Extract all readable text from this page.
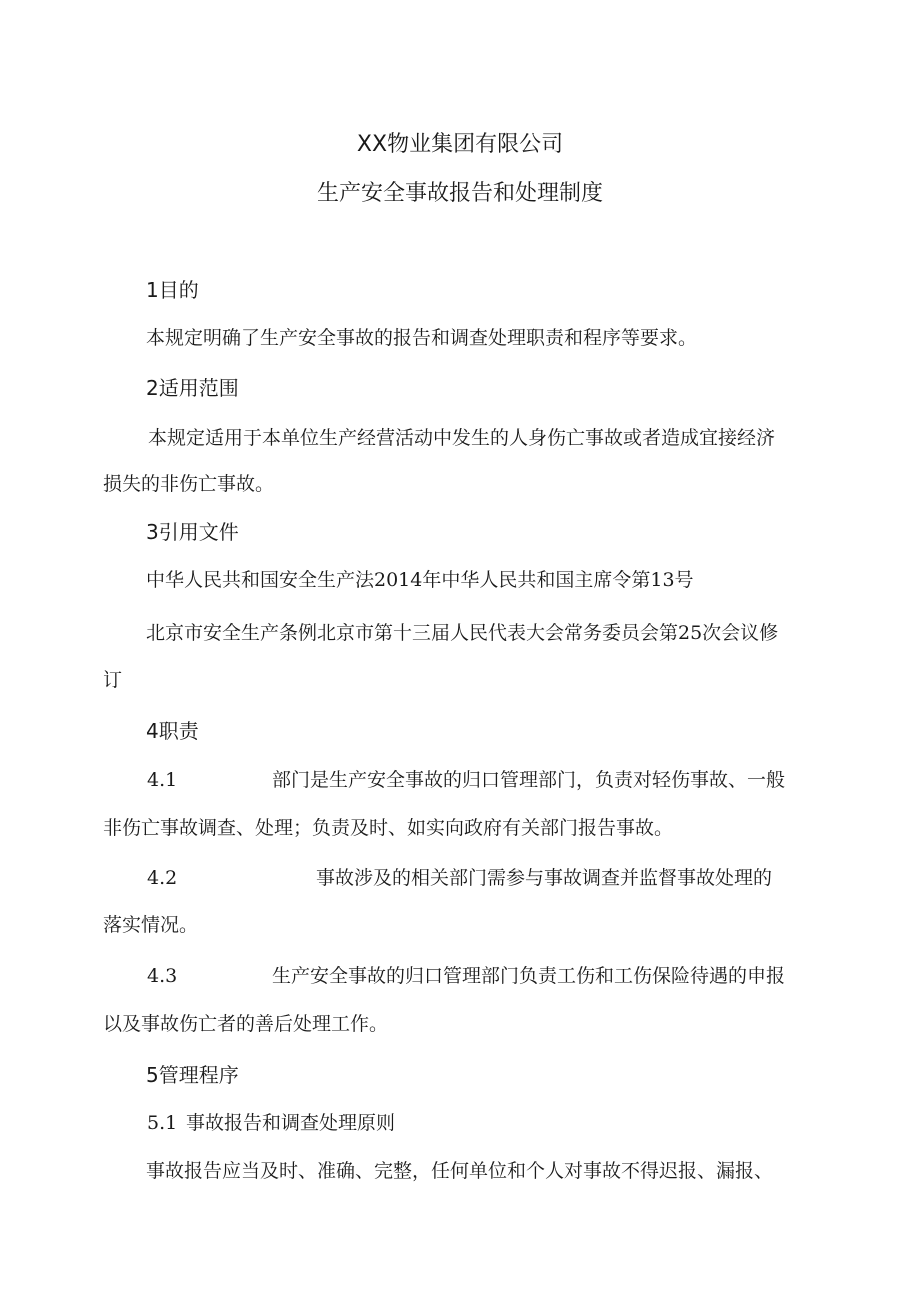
XX物业集团有限公司
生产安全事故报告和处理制度
1目的
本规定明确了生产安全事故的报告和调查处理职责和程序等要求。
2适用范围
本规定适用于本单位生产经营活动中发生的人身伤亡事故或者造成宜接经济
损失的非伤亡事故。
3引用文件
中华人民共和国安全生产法2014年中华人民共和国主席令第13号
北京市安全生产条例北京市第十三届人民代表大会常务委员会第25次会议修
订
4职责
4.1	部门是生产安全事故的归口管理部门，负责对轻伤事故、一般
非伤亡事故调查、处理；负责及时、如实向政府有关部门报告事故。
4.2	事故涉及的相关部门需参与事故调查并监督事故处理的
落实情况。
4.3	生产安全事故的归口管理部门负责工伤和工伤保险待遇的申报
以及事故伤亡者的善后处理工作。
5管理程序
5.1 事故报告和调查处理原则
事故报告应当及时、准确、完整，任何单位和个人对事故不得迟报、漏报、
